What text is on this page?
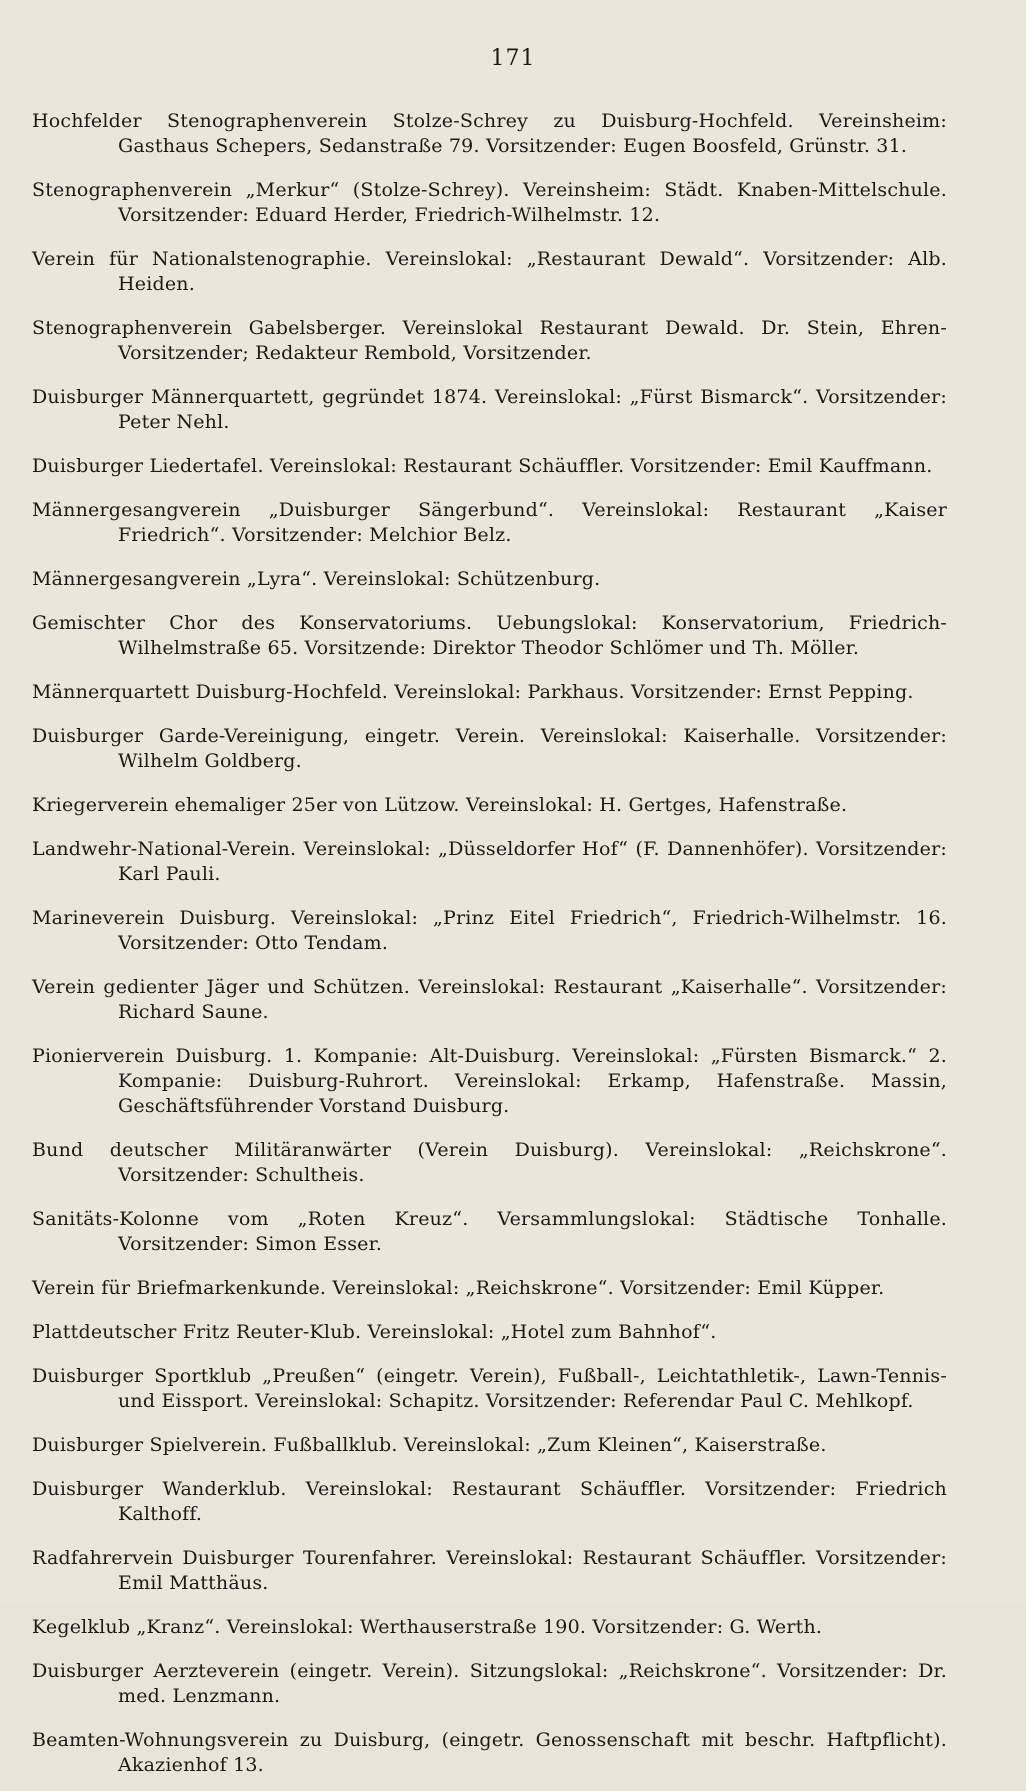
171

Hochfelder Stenographenverein Stolze-Schrey zu Duisburg-Hochfeld. Vereinsheim: Gasthaus Schepers, Sedanstraße 79. Vorsitzender: Eugen Boosfeld, Grünstr. 31.

Stenographenverein „Merkur“ (Stolze-Schrey). Vereinsheim: Städt. Knaben-Mittelschule. Vorsitzender: Eduard Herder, Friedrich-Wilhelmstr. 12.

Verein für Nationalstenographie. Vereinslokal: „Restaurant Dewald“. Vorsitzender: Alb. Heiden.

Stenographenverein Gabelsberger. Vereinslokal Restaurant Dewald. Dr. Stein, Ehren-Vorsitzender; Redakteur Rembold, Vorsitzender.

Duisburger Männerquartett, gegründet 1874. Vereinslokal: „Fürst Bismarck“. Vorsitzender: Peter Nehl.

Duisburger Liedertafel. Vereinslokal: Restaurant Schäuffler. Vorsitzender: Emil Kauffmann.

Männergesangverein „Duisburger Sängerbund“. Vereinslokal: Restaurant „Kaiser Friedrich“. Vorsitzender: Melchior Belz.

Männergesangverein „Lyra“. Vereinslokal: Schützenburg.

Gemischter Chor des Konservatoriums. Uebungslokal: Konservatorium, Friedrich-Wilhelmstraße 65. Vorsitzende: Direktor Theodor Schlömer und Th. Möller.

Männerquartett Duisburg-Hochfeld. Vereinslokal: Parkhaus. Vorsitzender: Ernst Pepping.

Duisburger Garde-Vereinigung, eingetr. Verein. Vereinslokal: Kaiserhalle. Vorsitzender: Wilhelm Goldberg.

Kriegerverein ehemaliger 25er von Lützow. Vereinslokal: H. Gertges, Hafenstraße.

Landwehr-National-Verein. Vereinslokal: „Düsseldorfer Hof“ (F. Dannenhöfer). Vorsitzender: Karl Pauli.

Marineverein Duisburg. Vereinslokal: „Prinz Eitel Friedrich“, Friedrich-Wilhelmstr. 16. Vorsitzender: Otto Tendam.

Verein gedienter Jäger und Schützen. Vereinslokal: Restaurant „Kaiserhalle“. Vorsitzender: Richard Saune.

Pionierverein Duisburg. 1. Kompanie: Alt-Duisburg. Vereinslokal: „Fürsten Bismarck.“ 2. Kompanie: Duisburg-Ruhrort. Vereinslokal: Erkamp, Hafenstraße. Massin, Geschäftsführender Vorstand Duisburg.

Bund deutscher Militäranwärter (Verein Duisburg). Vereinslokal: „Reichskrone“. Vorsitzender: Schultheis.

Sanitäts-Kolonne vom „Roten Kreuz“. Versammlungslokal: Städtische Tonhalle. Vorsitzender: Simon Esser.

Verein für Briefmarkenkunde. Vereinslokal: „Reichskrone“. Vorsitzender: Emil Küpper.

Plattdeutscher Fritz Reuter-Klub. Vereinslokal: „Hotel zum Bahnhof“.

Duisburger Sportklub „Preußen“ (eingetr. Verein), Fußball-, Leichtathletik-, Lawn-Tennis- und Eissport. Vereinslokal: Schapitz. Vorsitzender: Referendar Paul C. Mehlkopf.

Duisburger Spielverein. Fußballklub. Vereinslokal: „Zum Kleinen“, Kaiserstraße.

Duisburger Wanderklub. Vereinslokal: Restaurant Schäuffler. Vorsitzender: Friedrich Kalthoff.

Radfahrervein Duisburger Tourenfahrer. Vereinslokal: Restaurant Schäuffler. Vorsitzender: Emil Matthäus.

Kegelklub „Kranz“. Vereinslokal: Werthauserstraße 190. Vorsitzender: G. Werth.

Duisburger Aerzteverein (eingetr. Verein). Sitzungslokal: „Reichskrone“. Vorsitzender: Dr. med. Lenzmann.

Beamten-Wohnungsverein zu Duisburg, (eingetr. Genossenschaft mit beschr. Haftpflicht). Akazienhof 13.
